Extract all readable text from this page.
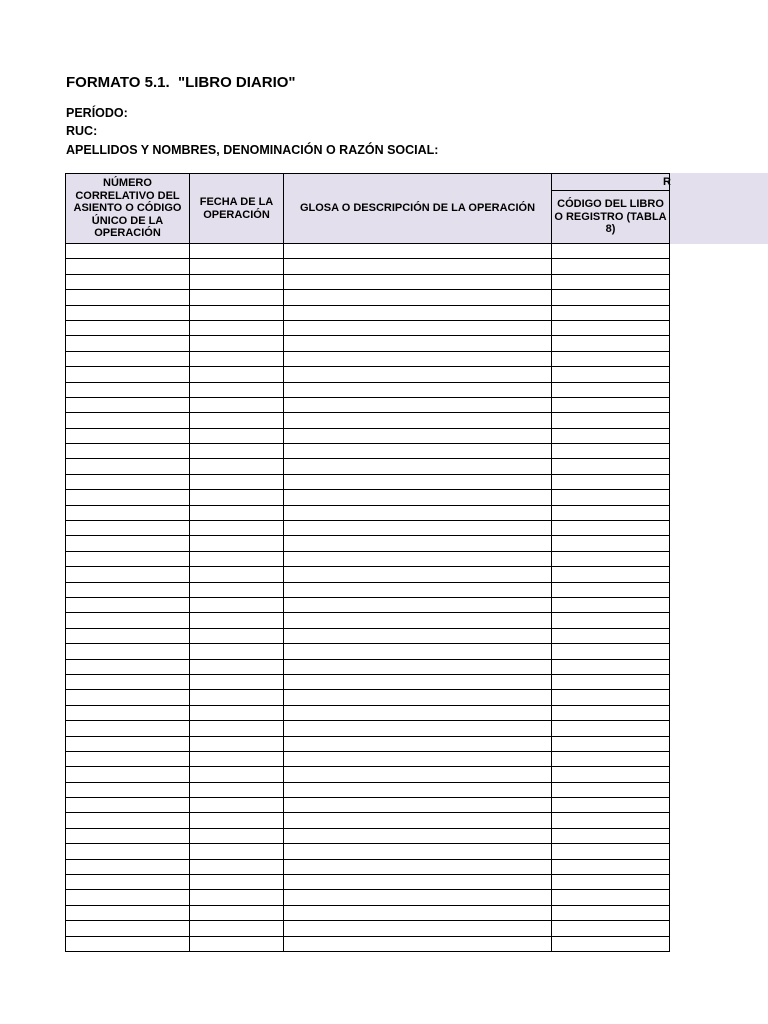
FORMATO 5.1.  "LIBRO DIARIO"
PERÍODO:
RUC:
APELLIDOS Y NOMBRES, DENOMINACIÓN O RAZÓN SOCIAL:
NÚMERO CORRELATIVO DEL ASIENTO O CÓDIGO ÚNICO DE LA OPERACIÓN	FECHA DE LA OPERACIÓN	GLOSA O DESCRIPCIÓN DE LA OPERACIÓN	R

			CÓDIGO DEL LIBRO O REGISTRO (TABLA 8)
